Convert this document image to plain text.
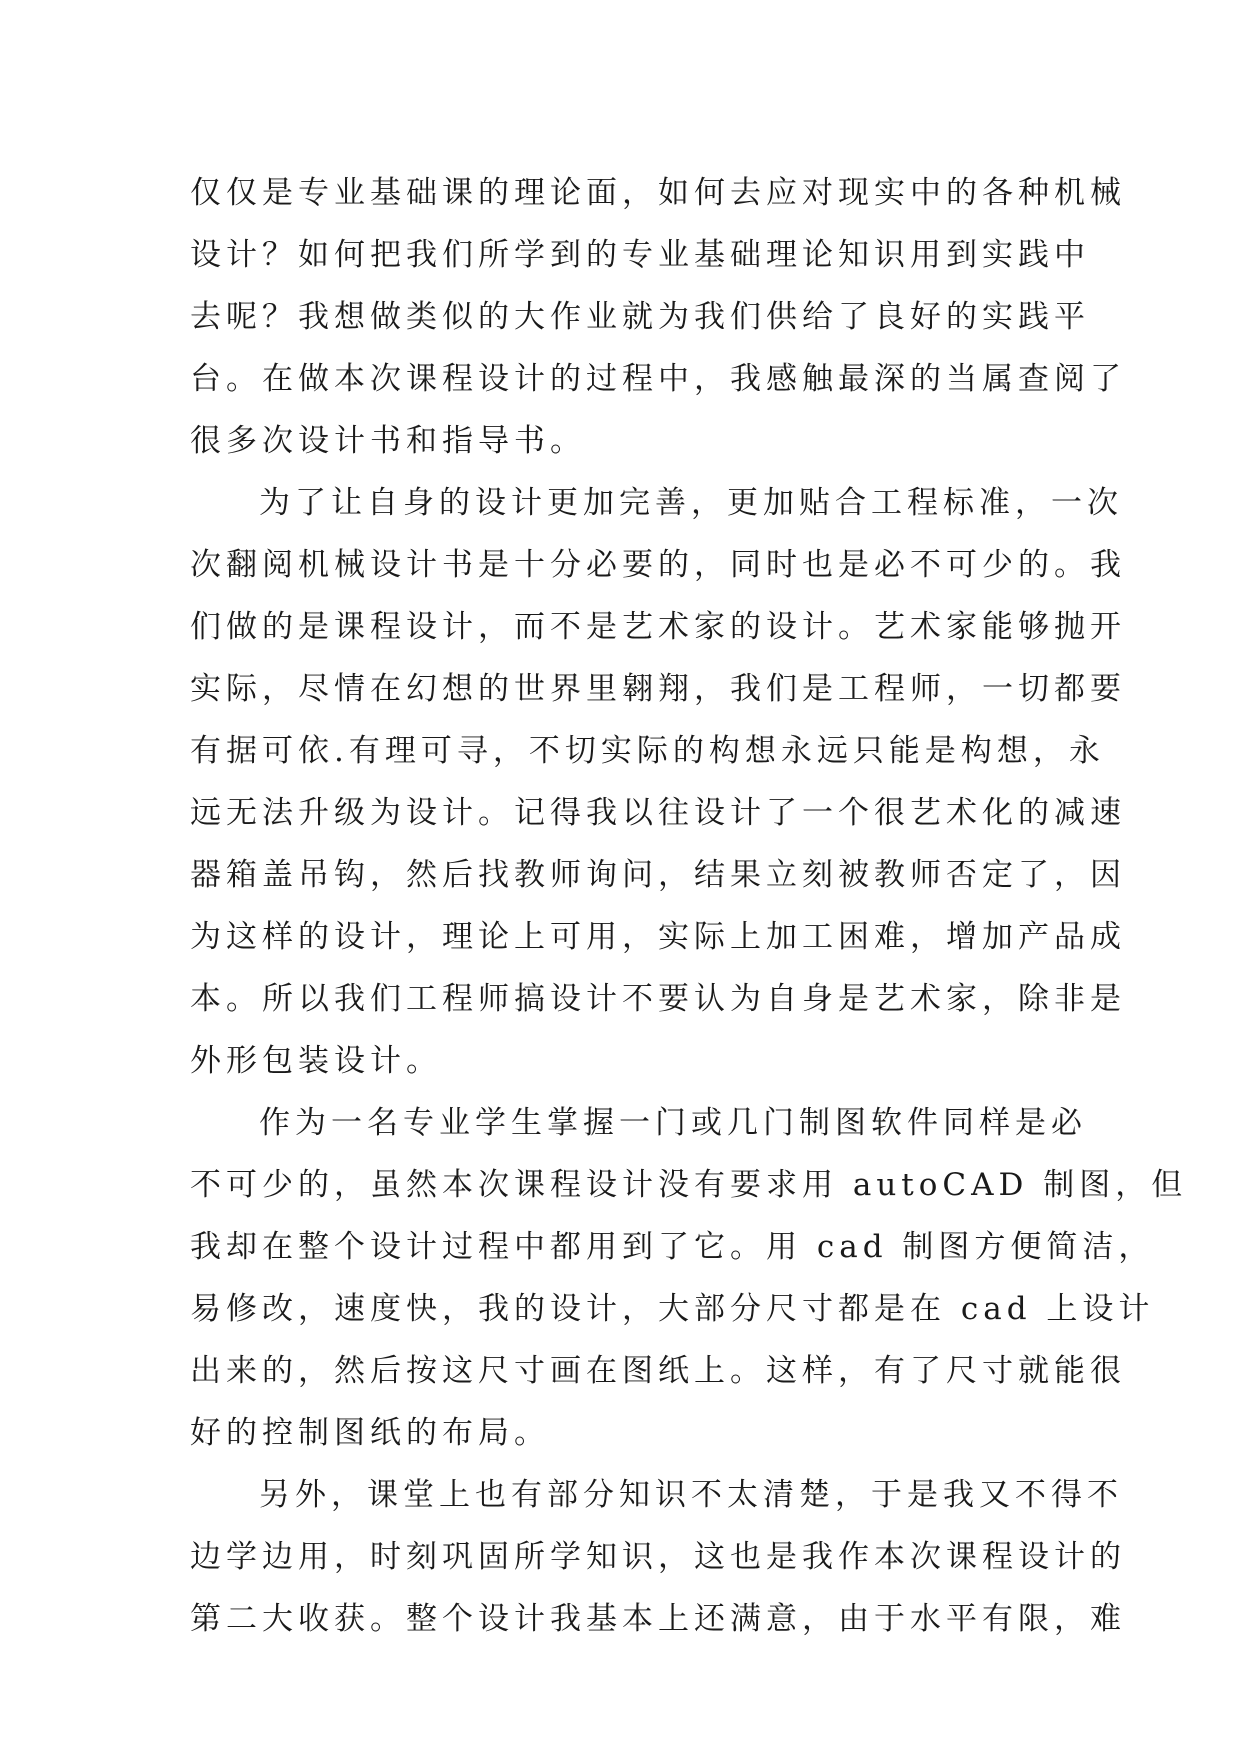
仅仅是专业基础课的理论面，如何去应对现实中的各种机械
设计？如何把我们所学到的专业基础理论知识用到实践中
去呢？我想做类似的大作业就为我们供给了良好的实践平
台。在做本次课程设计的过程中，我感触最深的当属查阅了
很多次设计书和指导书。
为了让自身的设计更加完善，更加贴合工程标准，一次
次翻阅机械设计书是十分必要的，同时也是必不可少的。我
们做的是课程设计，而不是艺术家的设计。艺术家能够抛开
实际，尽情在幻想的世界里翱翔，我们是工程师，一切都要
有据可依.有理可寻，不切实际的构想永远只能是构想，永
远无法升级为设计。记得我以往设计了一个很艺术化的减速
器箱盖吊钩，然后找教师询问，结果立刻被教师否定了，因
为这样的设计，理论上可用，实际上加工困难，增加产品成
本。所以我们工程师搞设计不要认为自身是艺术家，除非是
外形包装设计。
作为一名专业学生掌握一门或几门制图软件同样是必
不可少的，虽然本次课程设计没有要求用 autoCAD 制图，但
我却在整个设计过程中都用到了它。用 cad 制图方便简洁，
易修改，速度快，我的设计，大部分尺寸都是在 cad 上设计
出来的，然后按这尺寸画在图纸上。这样，有了尺寸就能很
好的控制图纸的布局。
另外，课堂上也有部分知识不太清楚，于是我又不得不
边学边用，时刻巩固所学知识，这也是我作本次课程设计的
第二大收获。整个设计我基本上还满意，由于水平有限，难
